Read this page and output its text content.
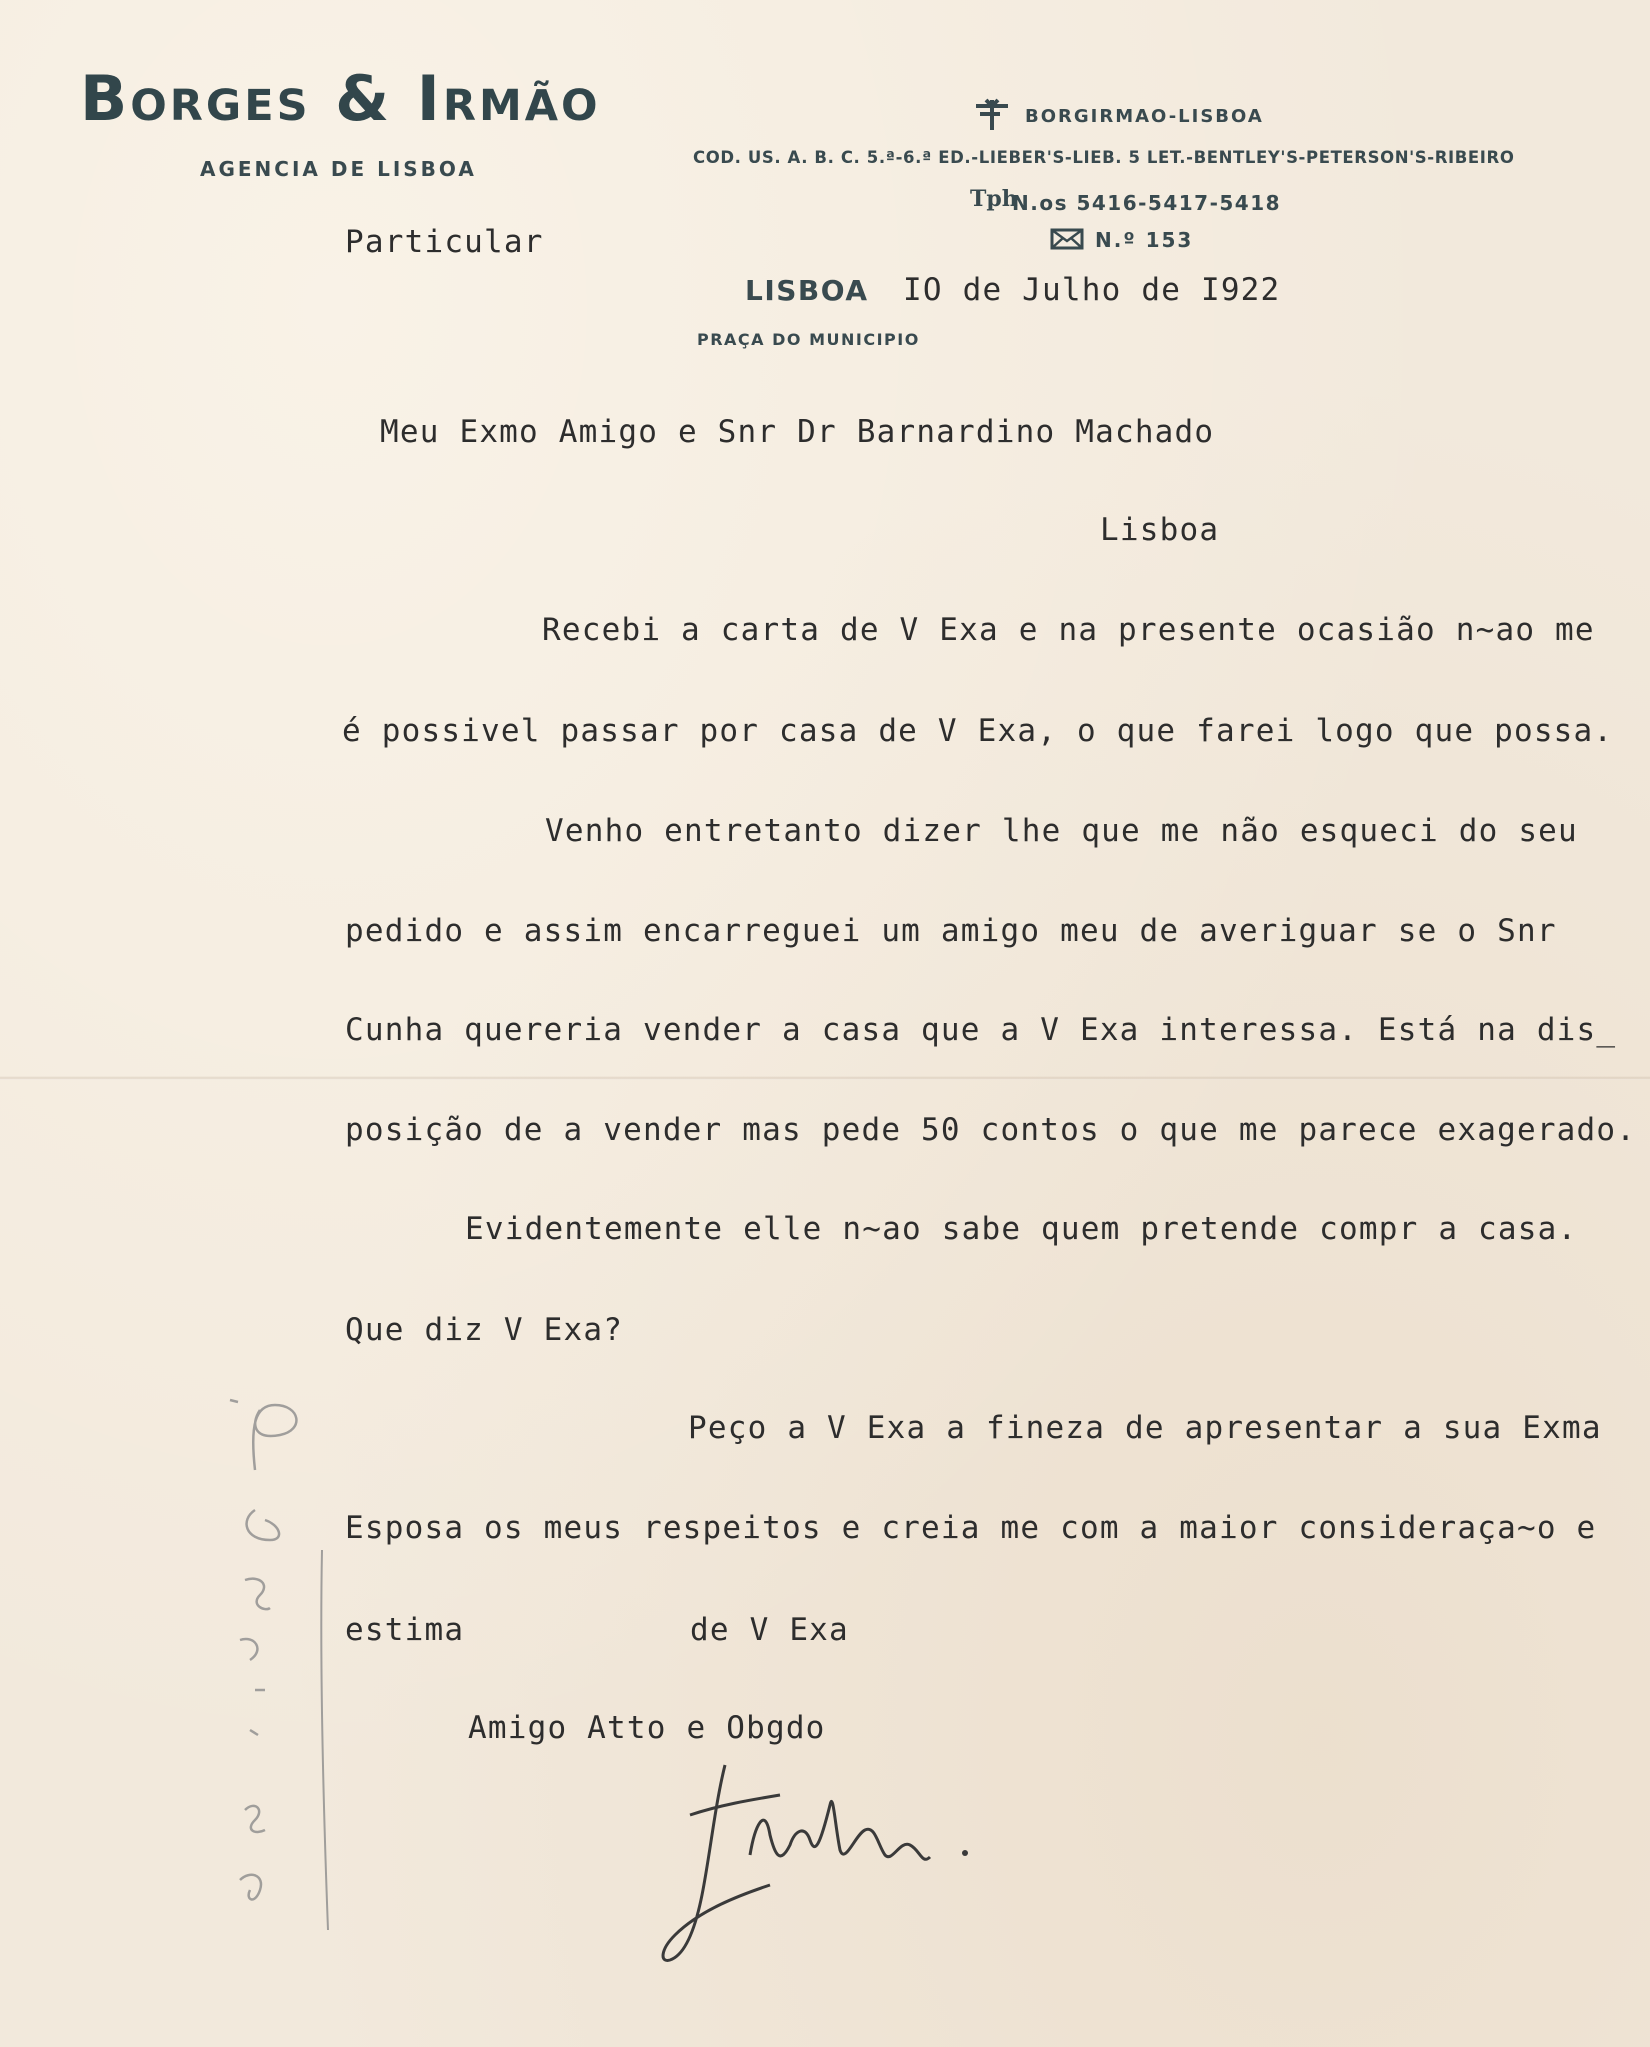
Borges & Irmão
AGENCIA DE LISBOA
BORGIRMAO-LISBOA
COD. US. A. B. C. 5.ª-6.ª ED.-LIEBER'S-LIEB. 5 LET.-BENTLEY'S-PETERSON'S-RIBEIRO
Tph
N.os 5416-5417-5418
N.º 153
LISBOA
PRAÇA DO MUNICIPIO
Particular
IO de Julho de I922
Meu Exmo Amigo e Snr Dr Barnardino Machado
Lisboa
Recebi a carta de V Exa e na presente ocasião n~ao me
é possivel passar por casa de V Exa, o que farei logo que possa.
Venho entretanto dizer lhe que me não esqueci do seu
pedido e assim encarreguei um amigo meu de averiguar se o Snr
Cunha quereria vender a casa que a V Exa interessa. Está na dis_
posição de a vender mas pede 50 contos o que me parece exagerado.
Evidentemente elle n~ao sabe quem pretende compr a casa.
Que diz V Exa?
Peço a V Exa a fineza de apresentar a sua Exma
Esposa os meus respeitos e creia me com a maior consideraça~o e
estima	de V Exa
Amigo Atto e Obgdo
